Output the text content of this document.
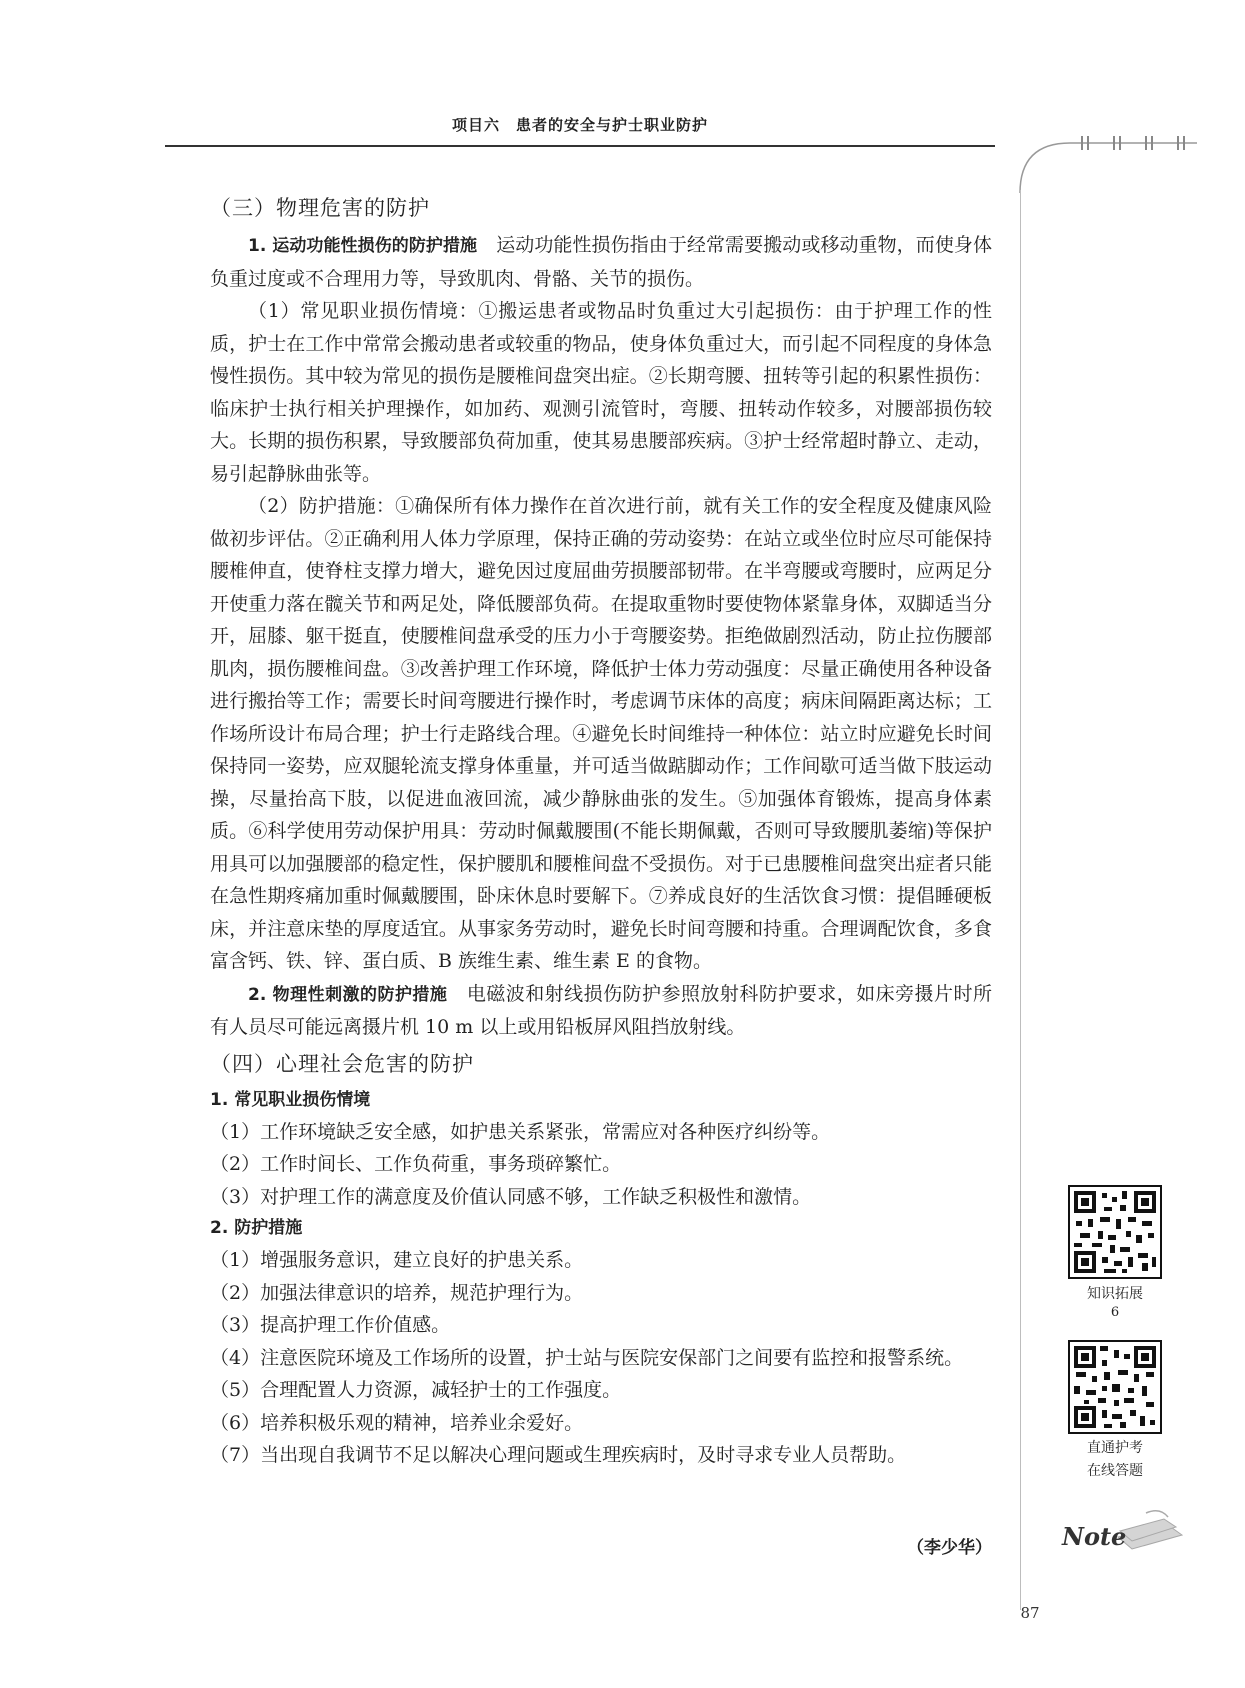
项目六　患者的安全与护士职业防护
（三）物理危害的防护

1. 运动功能性损伤的防护措施　 运动功能性损伤指由于经常需要搬动或移动重物，而使身体负重过度或不合理用力等，导致肌肉、骨骼、关节的损伤。

（1）常见职业损伤情境：①搬运患者或物品时负重过大引起损伤：由于护理工作的性质，护士在工作中常常会搬动患者或较重的物品，使身体负重过大，而引起不同程度的身体急慢性损伤。其中较为常见的损伤是腰椎间盘突出症。②长期弯腰、扭转等引起的积累性损伤：临床护士执行相关护理操作，如加药、观测引流管时，弯腰、扭转动作较多，对腰部损伤较大。长期的损伤积累，导致腰部负荷加重，使其易患腰部疾病。③护士经常超时静立、走动，易引起静脉曲张等。

（2）防护措施：①确保所有体力操作在首次进行前，就有关工作的安全程度及健康风险做初步评估。②正确利用人体力学原理，保持正确的劳动姿势：在站立或坐位时应尽可能保持腰椎伸直，使脊柱支撑力增大，避免因过度屈曲劳损腰部韧带。在半弯腰或弯腰时，应两足分开使重力落在髋关节和两足处，降低腰部负荷。在提取重物时要使物体紧靠身体，双脚适当分开，屈膝、躯干挺直，使腰椎间盘承受的压力小于弯腰姿势。拒绝做剧烈活动，防止拉伤腰部肌肉，损伤腰椎间盘。③改善护理工作环境，降低护士体力劳动强度：尽量正确使用各种设备进行搬抬等工作；需要长时间弯腰进行操作时，考虑调节床体的高度；病床间隔距离达标；工作场所设计布局合理；护士行走路线合理。④避免长时间维持一种体位：站立时应避免长时间保持同一姿势，应双腿轮流支撑身体重量，并可适当做踮脚动作；工作间歇可适当做下肢运动操，尽量抬高下肢，以促进血液回流，减少静脉曲张的发生。⑤加强体育锻炼，提高身体素质。⑥科学使用劳动保护用具：劳动时佩戴腰围(不能长期佩戴，否则可导致腰肌萎缩)等保护用具可以加强腰部的稳定性，保护腰肌和腰椎间盘不受损伤。对于已患腰椎间盘突出症者只能在急性期疼痛加重时佩戴腰围，卧床休息时要解下。⑦养成良好的生活饮食习惯：提倡睡硬板床，并注意床垫的厚度适宜。从事家务劳动时，避免长时间弯腰和持重。合理调配饮食，多食富含钙、铁、锌、蛋白质、B 族维生素、维生素 E 的食物。

2. 物理性刺激的防护措施　 电磁波和射线损伤防护参照放射科防护要求，如床旁摄片时所有人员尽可能远离摄片机 10 m 以上或用铅板屏风阻挡放射线。

（四）心理社会危害的防护
1. 常见职业损伤情境

（1）工作环境缺乏安全感，如护患关系紧张，常需应对各种医疗纠纷等。

（2）工作时间长、工作负荷重，事务琐碎繁忙。

（3）对护理工作的满意度及价值认同感不够，工作缺乏积极性和激情。

2. 防护措施

（1）增强服务意识，建立良好的护患关系。

（2）加强法律意识的培养，规范护理行为。

（3）提高护理工作价值感。

（4）注意医院环境及工作场所的设置，护士站与医院安保部门之间要有监控和报警系统。

（5）合理配置人力资源，减轻护士的工作强度。

（6）培养积极乐观的精神，培养业余爱好。

（7）当出现自我调节不足以解决心理问题或生理疾病时，及时寻求专业人员帮助。

（李少华）
知识拓展
6
直通护考
在线答题
Note
87
